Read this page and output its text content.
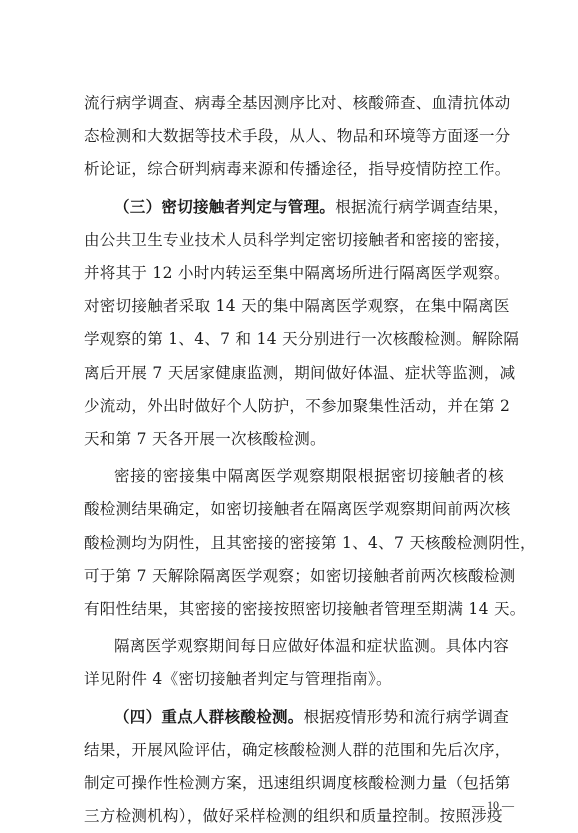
流行病学调查、病毒全基因测序比对、核酸筛查、血清抗体动
态检测和大数据等技术手段，从人、物品和环境等方面逐一分
析论证，综合研判病毒来源和传播途径，指导疫情防控工作。
（三）密切接触者判定与管理。根据流行病学调查结果，
由公共卫生专业技术人员科学判定密切接触者和密接的密接，
并将其于 12 小时内转运至集中隔离场所进行隔离医学观察。
对密切接触者采取 14 天的集中隔离医学观察，在集中隔离医
学观察的第 1、4、7 和 14 天分别进行一次核酸检测。解除隔
离后开展 7 天居家健康监测，期间做好体温、症状等监测，减
少流动，外出时做好个人防护，不参加聚集性活动，并在第 2
天和第 7 天各开展一次核酸检测。
密接的密接集中隔离医学观察期限根据密切接触者的核
酸检测结果确定，如密切接触者在隔离医学观察期间前两次核
酸检测均为阴性，且其密接的密接第 1、4、7 天核酸检测阴性，
可于第 7 天解除隔离医学观察；如密切接触者前两次核酸检测
有阳性结果，其密接的密接按照密切接触者管理至期满 14 天。
隔离医学观察期间每日应做好体温和症状监测。具体内容
详见附件 4《密切接触者判定与管理指南》。
（四）重点人群核酸检测。根据疫情形势和流行病学调查
结果，开展风险评估，确定核酸检测人群的范围和先后次序，
制定可操作性检测方案，迅速组织调度核酸检测力量（包括第
— 10 —
三方检测机构），做好采样检测的组织和质量控制。按照涉疫
